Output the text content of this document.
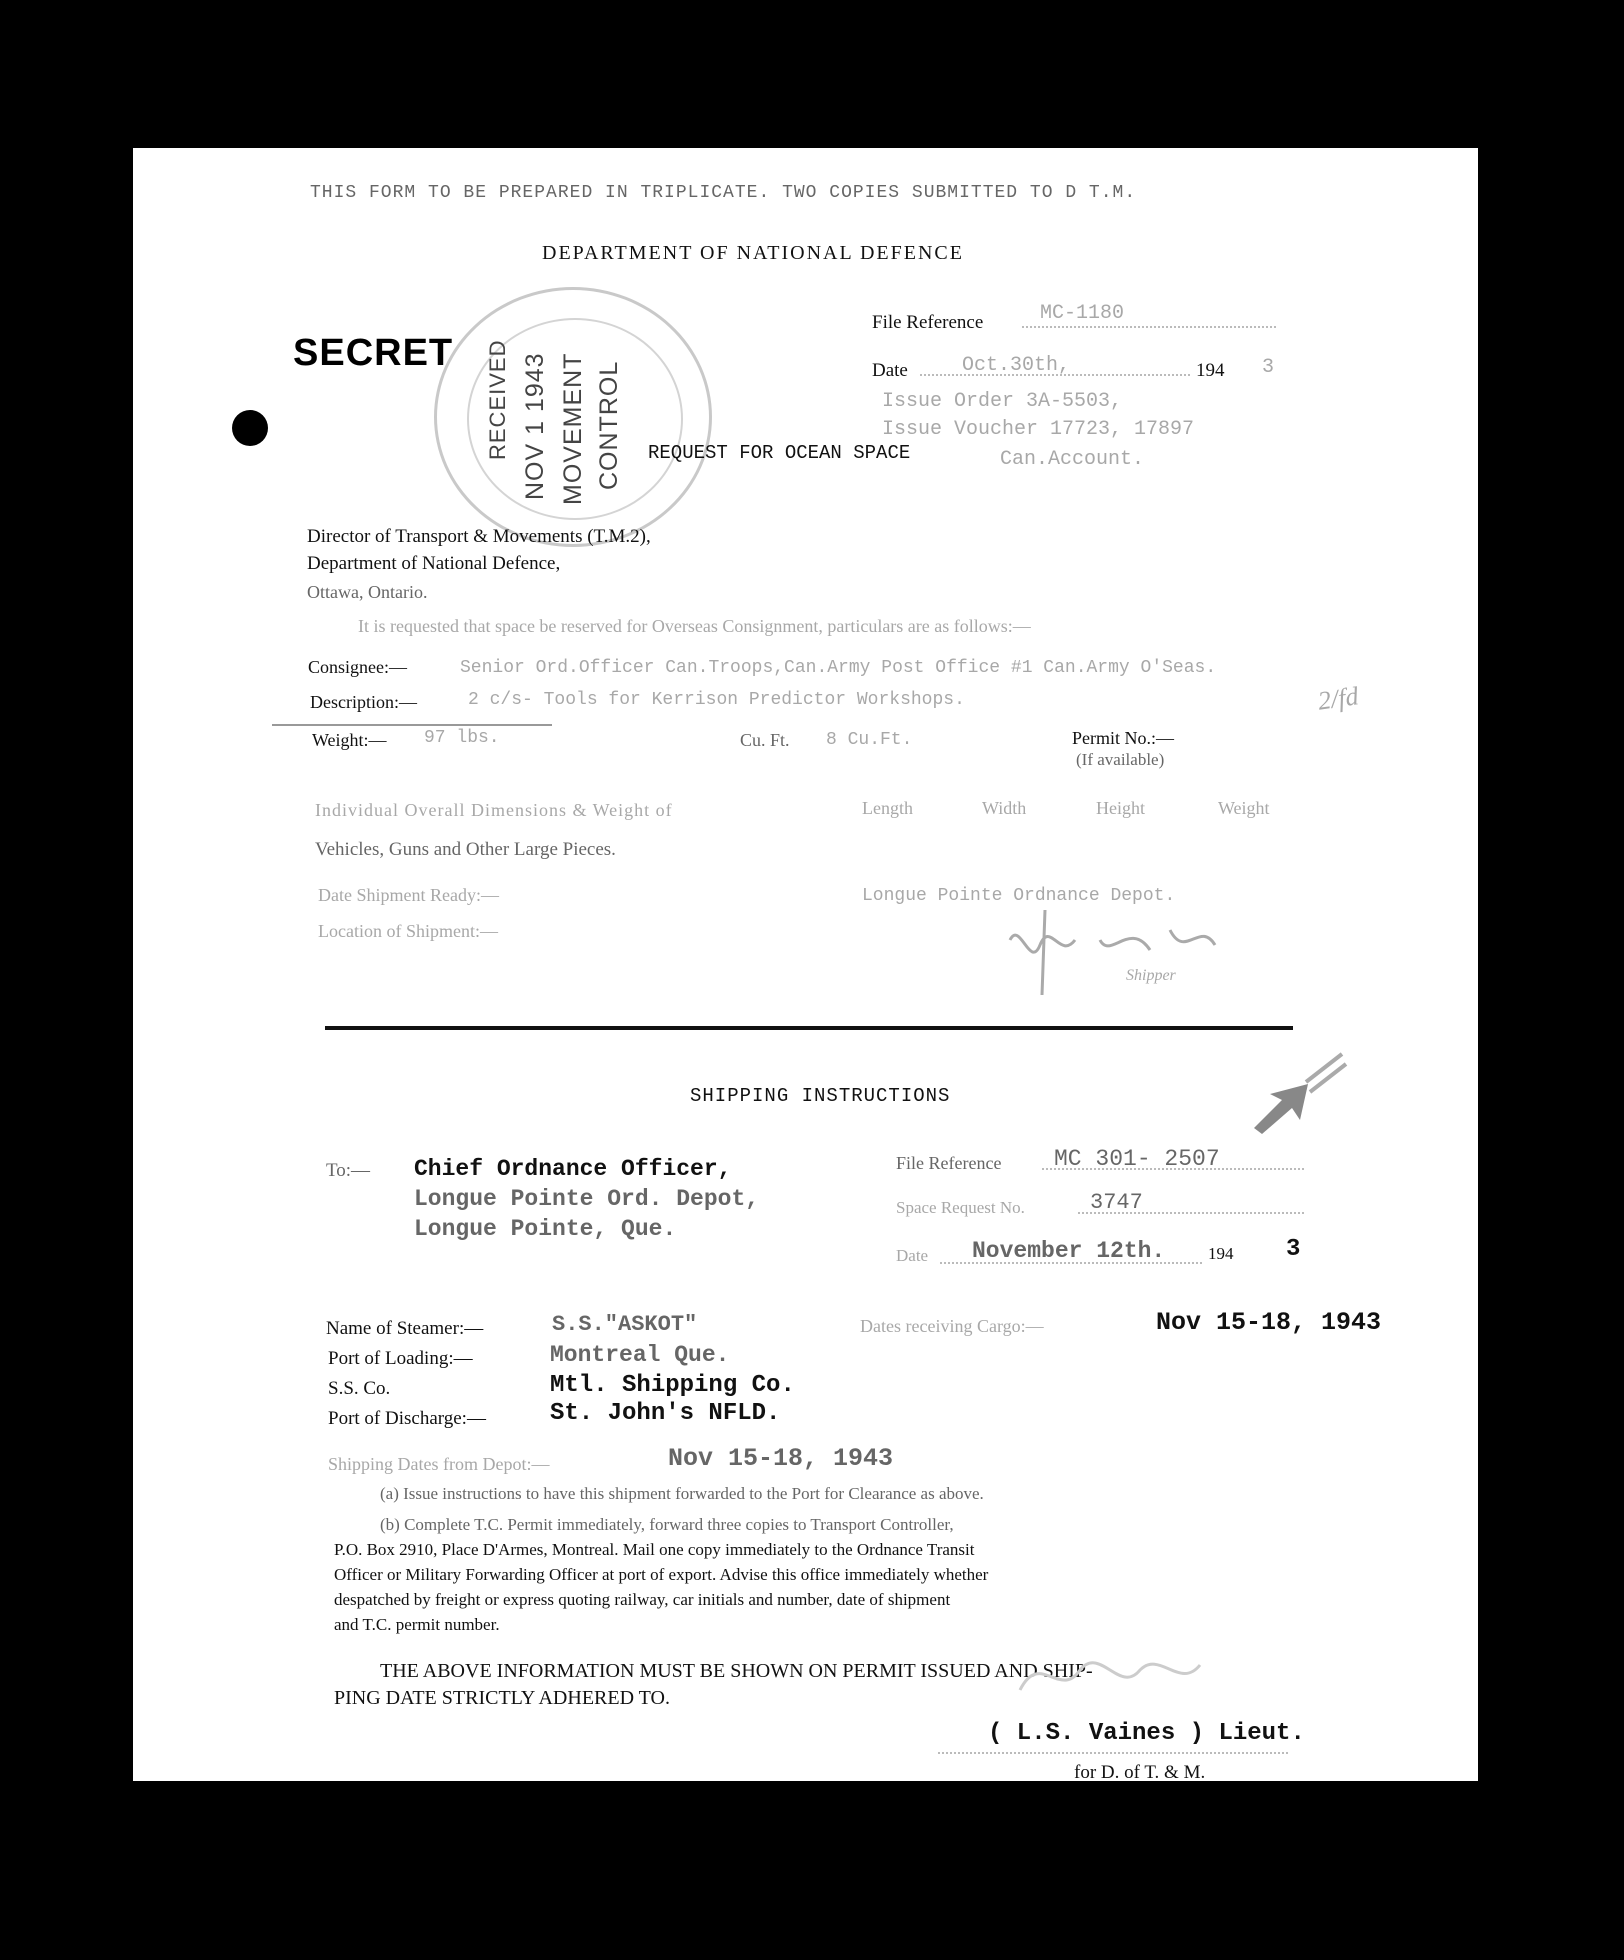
THIS FORM TO BE PREPARED IN TRIPLICATE. TWO COPIES SUBMITTED TO D T.M.
DEPARTMENT OF NATIONAL DEFENCE
SECRET RECEIVED NOV 1 1943 MOVEMENT CONTROL
File Reference	MC-1180
Date	Oct.30th,	194 3
Issue Order 3A-5503,
Issue Voucher 17723, 17897
Can.Account.
REQUEST FOR OCEAN SPACE
Director of Transport & Movements (T.M.2),
Department of National Defence,
Ottawa, Ontario.
It is requested that space be reserved for Overseas Consignment, particulars are as follows:—
Consignee:—	Senior Ord.Officer Can.Troops,Can.Army Post Office #1 Can.Army O'Seas.
Description:—	2 c/s- Tools for Kerrison Predictor Workshops.	2/fd
Weight:— 97 lbs.	Cu. Ft. 8 Cu.Ft.	Permit No.:—
(If available)
Individual Overall Dimensions & Weight of
Vehicles, Guns and Other Large Pieces.
Length	Width	Height	Weight
Date Shipment Ready:—
Location of Shipment:—
Longue Pointe Ordnance Depot.
Shipper
SHIPPING INSTRUCTIONS
To:— Chief Ordnance Officer,
Longue Pointe Ord. Depot,
Longue Pointe, Que.
File Reference MC 301- 2507
Space Request No.	3747
Date November 12th.	194 3
Name of Steamer:—	S.S."ASKOT"	Dates receiving Cargo:—	Nov 15-18, 1943
Port of Loading:—	Montreal Que.
S.S. Co.	Mtl. Shipping Co.
Port of Discharge:—	St. John's NFLD.
Shipping Dates from Depot:—	Nov 15-18, 1943
(a) Issue instructions to have this shipment forwarded to the Port for Clearance as above.
(b) Complete T.C. Permit immediately, forward three copies to Transport Controller,
P.O. Box 2910, Place D'Armes, Montreal. Mail one copy immediately to the Ordnance Transit
Officer or Military Forwarding Officer at port of export. Advise this office immediately whether
despatched by freight or express quoting railway, car initials and number, date of shipment
and T.C. permit number.
THE ABOVE INFORMATION MUST BE SHOWN ON PERMIT ISSUED AND SHIP-
PING DATE STRICTLY ADHERED TO.
( L.S. Vaines ) Lieut.
for D. of T. & M.
